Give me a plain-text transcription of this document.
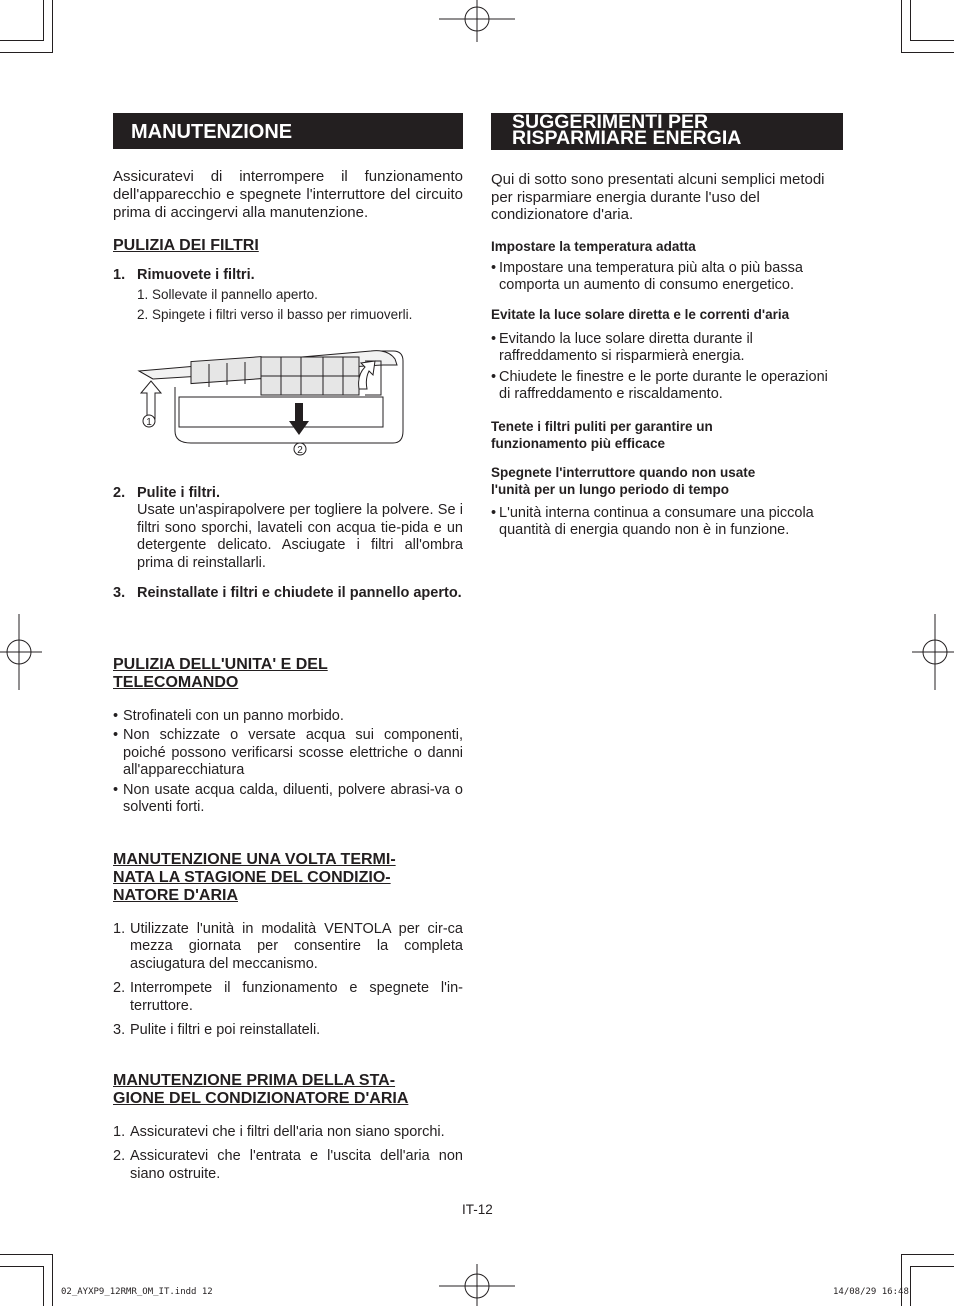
MANUTENZIONE

Assicuratevi di interrompere il funzionamento dell'apparecchio e spegnete l'interruttore del circuito prima di accingervi alla manutenzione.

PULIZIA DEI FILTRI
1. Rimuovete i filtri.
1. Sollevate il pannello aperto.
2. Spingete i filtri verso il basso per rimuoverli.
1
2
2. Pulite i filtri.

Usate un'aspirapolvere per togliere la polvere. Se i filtri sono sporchi, lavateli con acqua tie-pida e un detergente delicato. Asciugate i filtri all'ombra prima di reinstallarli.

3. Reinstallate i filtri e chiudete il pannello aperto.
PULIZIA DELL'UNITA' E DEL
TELECOMANDO
• Strofinateli con un panno morbido.
• Non schizzate o versate acqua sui componenti, poiché possono verificarsi scosse elettriche o danni all'apparecchiatura
• Non usate acqua calda, diluenti, polvere abrasi-va o solventi forti.
MANUTENZIONE UNA VOLTA TERMI-
NATA LA STAGIONE DEL CONDIZIO-
NATORE D'ARIA
1. Utilizzate l'unità in modalità VENTOLA per cir-ca mezza giornata per consentire la completa asciugatura del meccanismo.
2. Interrompete il funzionamento e spegnete l'in-terruttore.
3. Pulite i filtri e poi reinstallateli.
MANUTENZIONE PRIMA DELLA STA-
GIONE DEL CONDIZIONATORE D'ARIA
1. Assicuratevi che i filtri dell'aria non siano sporchi.
2. Assicuratevi che l'entrata e l'uscita dell'aria non siano ostruite.
SUGGERIMENTI PER
RISPARMIARE ENERGIA

Qui di sotto sono presentati alcuni semplici metodi per risparmiare energia durante l'uso del condizionatore d'aria.

Impostare la temperatura adatta
• Impostare una temperatura più alta o più bassa comporta un aumento di consumo energetico.
Evitate la luce solare diretta e le correnti d'aria
• Evitando la luce solare diretta durante il raffreddamento si risparmierà energia.
• Chiudete le finestre e le porte durante le operazioni di raffreddamento e riscaldamento.
Tenete i filtri puliti per garantire un
funzionamento più efficace
Spegnete l'interruttore quando non usate
l'unità per un lungo periodo di tempo
• L'unità interna continua a consumare una piccola quantità di energia quando non è in funzione.
IT-12
02_AYXP9_12RMR_OM_IT.indd 12	14/08/29 16:48
